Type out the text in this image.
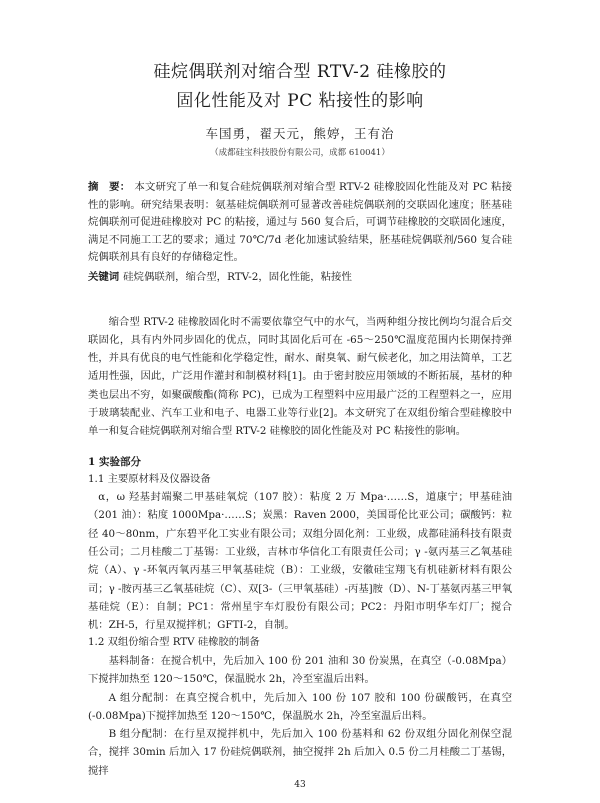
硅烷偶联剂对缩合型 RTV-2 硅橡胶的
固化性能及对 PC 粘接性的影响
车国勇，翟天元，熊婷，王有治
（成都硅宝科技股份有限公司，成都 610041）
摘　要： 本文研究了单一和复合硅烷偶联剂对缩合型 RTV-2 硅橡胶固化性能及对 PC 粘接性的影响。研究结果表明：氨基硅烷偶联剂可显著改善硅烷偶联剂的交联固化速度；胚基硅烷偶联剂可促进硅橡胶对 PC 的粘接，通过与 560 复合后，可调节硅橡胶的交联固化速度，满足不同施工工艺的要求；通过 70℃/7d 老化加速试验结果，胚基硅烷偶联剂/560 复合硅烷偶联剂具有良好的存储稳定性。
关键词 硅烷偶联剂，缩合型，RTV-2，固化性能，粘接性

缩合型 RTV-2 硅橡胶固化时不需要依靠空气中的水气，当两种组分按比例均匀混合后交联固化，具有内外同步固化的优点，同时其固化后可在 -65～250℃温度范围内长期保持弹性，并具有优良的电气性能和化学稳定性，耐水、耐臭氧、耐气候老化，加之用法简单，工艺适用性强，因此，广泛用作灌封和制模材料[1]。由于密封胶应用领域的不断拓展，基材的种类也层出不穷，如聚碳酸酯(简称 PC)，已成为工程塑料中应用最广泛的工程塑料之一，应用于玻璃装配业、汽车工业和电子、电器工业等行业[2]。本文研究了在双组份缩合型硅橡胶中单一和复合硅烷偶联剂对缩合型 RTV-2 硅橡胶的固化性能及对 PC 粘接性的影响。

1 实验部分
1.1 主要原材料及仪器设备

α，ω 羟基封端聚二甲基硅氧烷（107 胶）：粘度 2 万 Mpa·……S，道康宁；甲基硅油（201 油）：粘度 1000Mpa·……S；炭黑：Raven 2000，美国哥伦比亚公司；碳酸钙：粒径 40～80nm，广东碧平化工实业有限公司；双组分固化剂：工业级，成都硅涌科技有限责任公司；二月桂酸二丁基锡：工业级，吉林市华信化工有限责任公司；γ -氨丙基三乙氧基硅烷（A）、γ -环氧丙氧丙基三甲氧基硅烷（B）：工业级，安徽硅宝翔飞有机硅新材料有限公司；γ -胺丙基三乙氧基硅烷（C）、双[3-（三甲氧基硅）-丙基]胺（D）、N-丁基氨丙基三甲氧基硅烷（E）：自制；PC1：常州星宇车灯股份有限公司；PC2：丹阳市明华车灯厂；搅合机：ZH-5，行星双搅拌机；GFTI-2，自制。

1.2 双组份缩合型 RTV 硅橡胶的制备

基料制备：在搅合机中，先后加入 100 份 201 油和 30 份炭黑，在真空（-0.08Mpa）下搅拌加热至 120～150℃，保温脱水 2h，冷至室温后出料。

A 组分配制：在真空搅合机中，先后加入 100 份 107 胶和 100 份碳酸钙，在真空(-0.08Mpa)下搅拌加热至 120～150℃，保温脱水 2h，冷至室温后出料。

B 组分配制：在行星双搅拌机中，先后加入 100 份基料和 62 份双组分固化剂保空混合，搅拌 30min 后加入 17 份硅烷偶联剂，抽空搅拌 2h 后加入 0.5 份二月桂酸二丁基锡，搅拌

43
